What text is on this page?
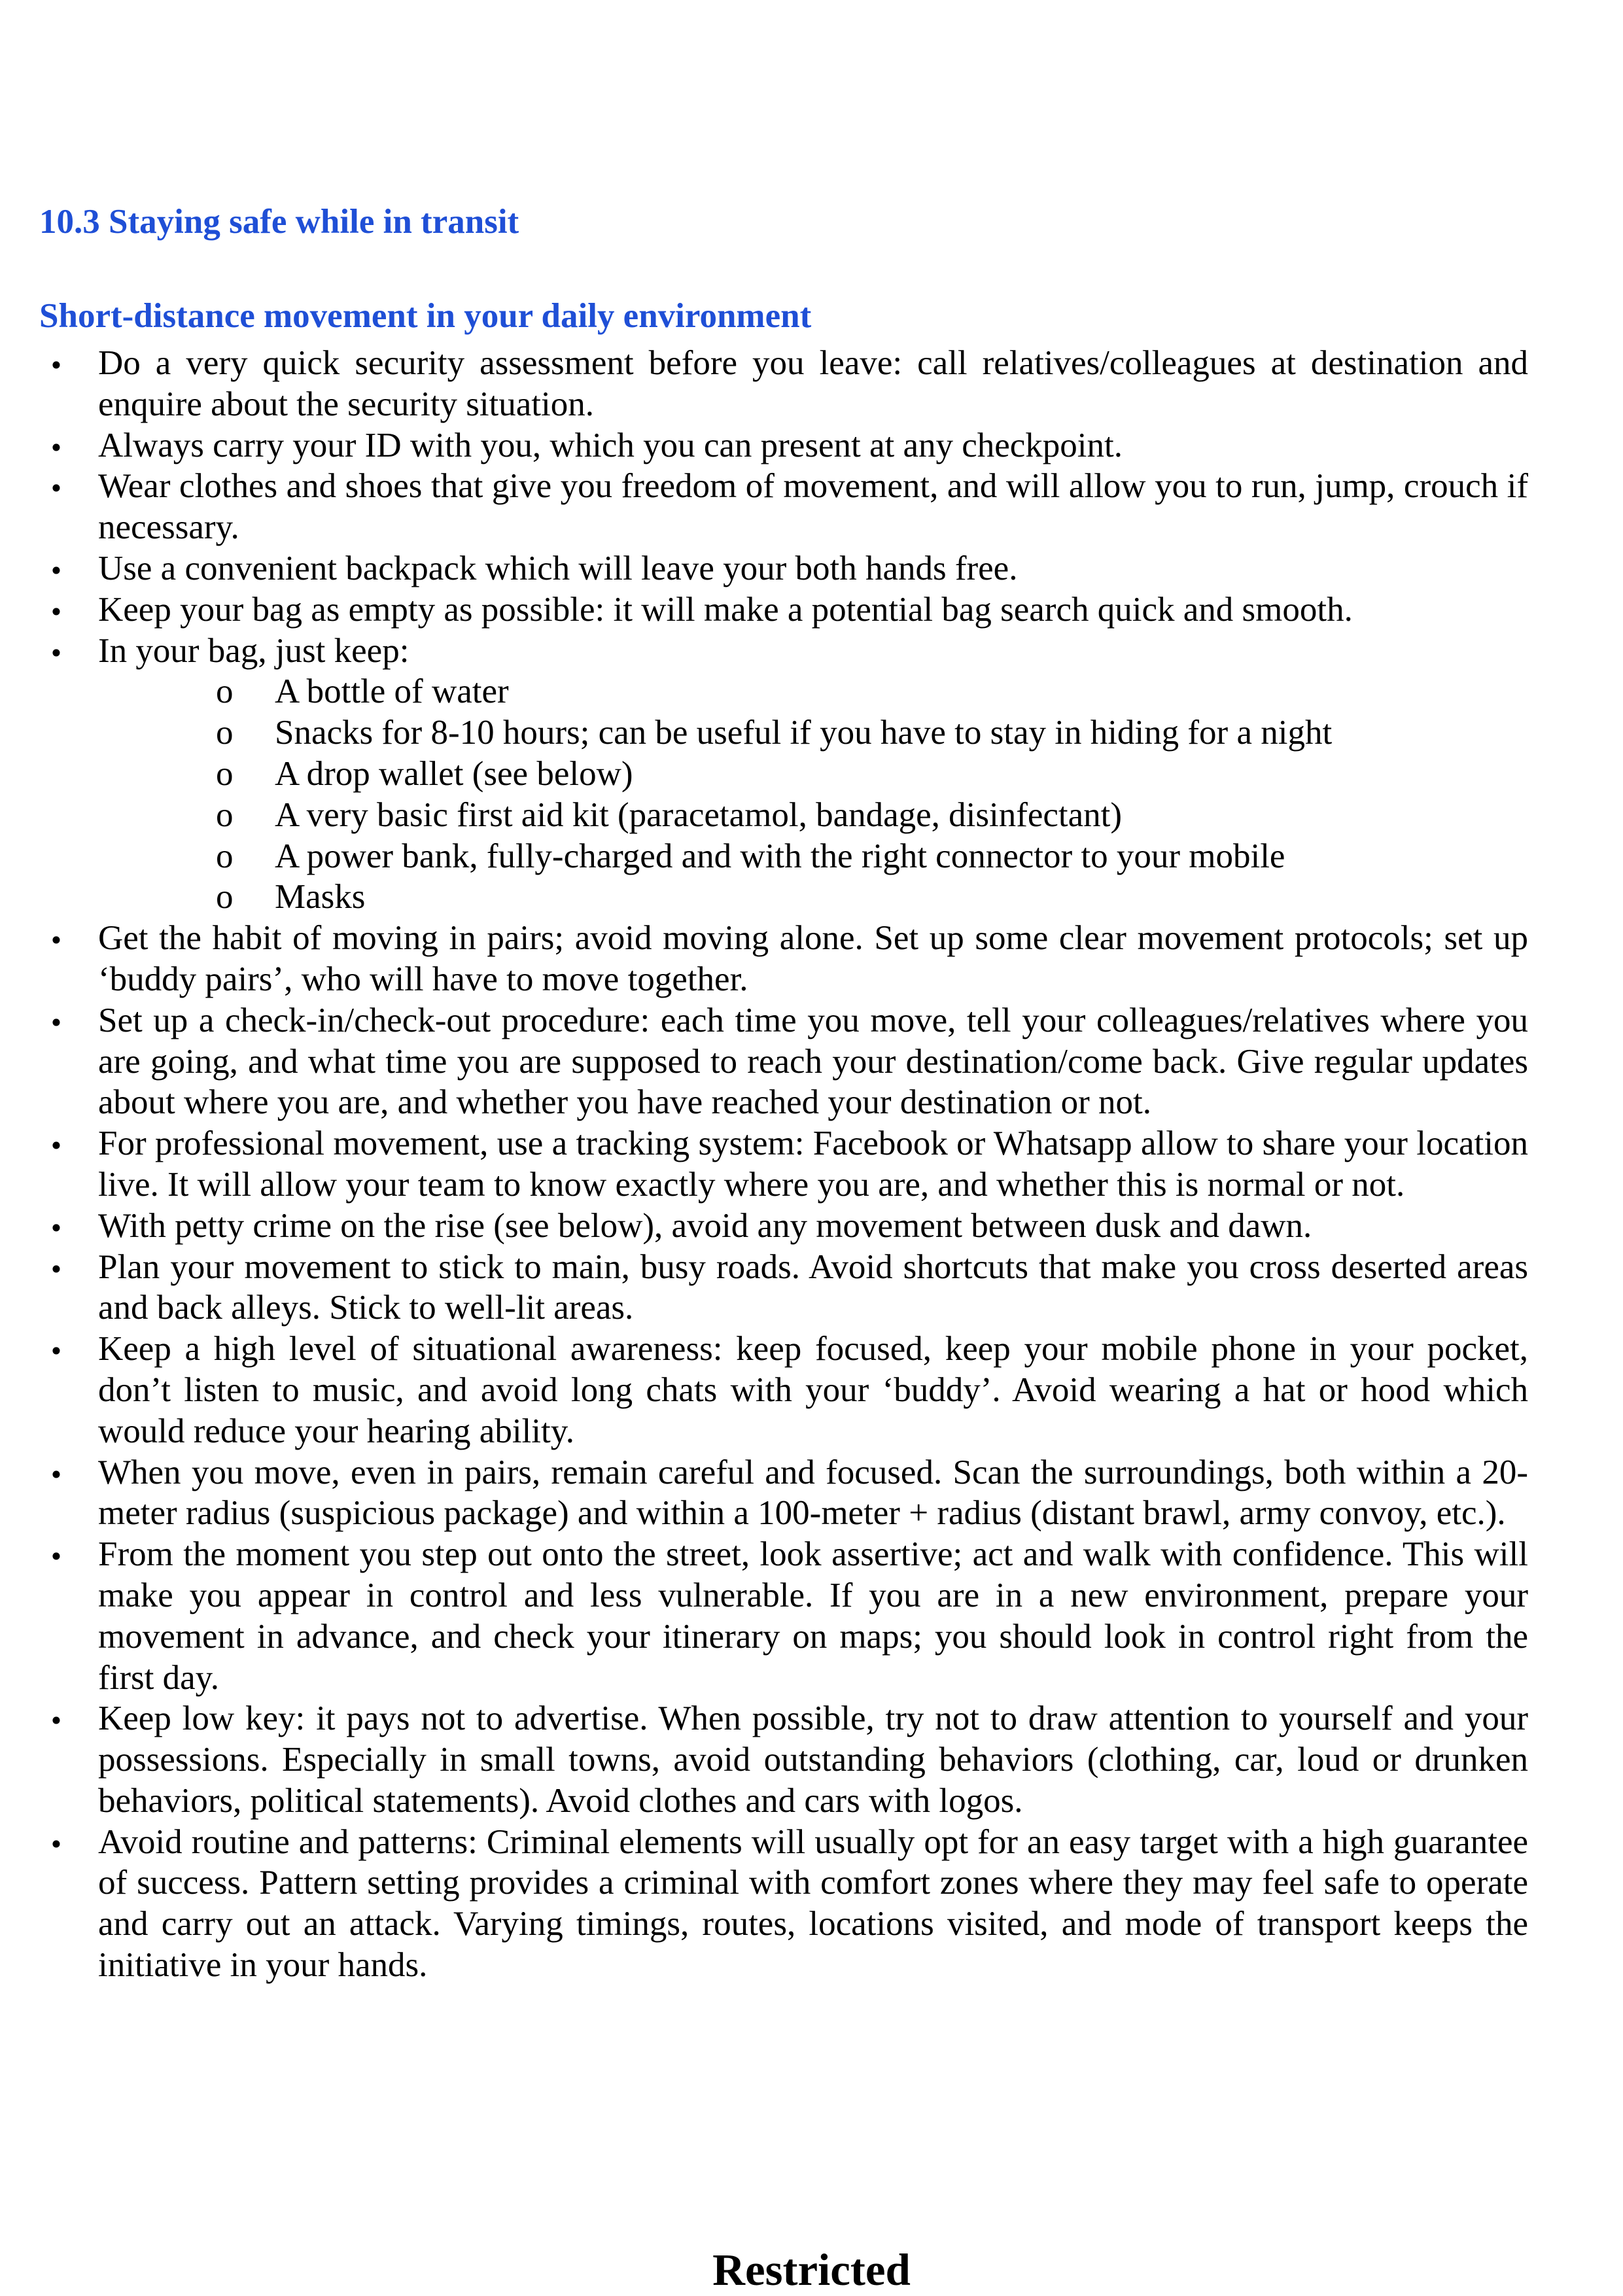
10.3 Staying safe while in transit
Short-distance movement in your daily environment
•
Do a very quick security assessment before you leave: call relatives/colleagues at destination and enquire about the security situation.
•
Always carry your ID with you, which you can present at any checkpoint.
•
Wear clothes and shoes that give you freedom of movement, and will allow you to run, jump, crouch if necessary.
•
Use a convenient backpack which will leave your both hands free.
•
Keep your bag as empty as possible: it will make a potential bag search quick and smooth.
•
In your bag, just keep:
o
A bottle of water
o
Snacks for 8-10 hours; can be useful if you have to stay in hiding for a night
o
A drop wallet (see below)
o
A very basic first aid kit (paracetamol, bandage, disinfectant)
o
A power bank, fully-charged and with the right connector to your mobile
o
Masks
•
Get the habit of moving in pairs; avoid moving alone. Set up some clear movement protocols; set up ‘buddy pairs’, who will have to move together.
•
Set up a check-in/check-out procedure: each time you move, tell your colleagues/relatives where you are going, and what time you are supposed to reach your destination/come back. Give regular updates about where you are, and whether you have reached your destination or not.
•
For professional movement, use a tracking system: Facebook or Whatsapp allow to share your location live. It will allow your team to know exactly where you are, and whether this is normal or not.
•
With petty crime on the rise (see below), avoid any movement between dusk and dawn.
•
Plan your movement to stick to main, busy roads. Avoid shortcuts that make you cross deserted areas and back alleys. Stick to well-lit areas.
•
Keep a high level of situational awareness: keep focused, keep your mobile phone in your pocket, don’t listen to music, and avoid long chats with your ‘buddy’. Avoid wearing a hat or hood which would reduce your hearing ability.
•
When you move, even in pairs, remain careful and focused. Scan the surroundings, both within a 20-meter radius (suspicious package) and within a 100-meter + radius (distant brawl, army convoy, etc.).
•
From the moment you step out onto the street, look assertive; act and walk with confidence. This will make you appear in control and less vulnerable. If you are in a new environment, prepare your movement in advance, and check your itinerary on maps; you should look in control right from the first day.
•
Keep low key: it pays not to advertise. When possible, try not to draw attention to yourself and your possessions. Especially in small towns, avoid outstanding behaviors (clothing, car, loud or drunken behaviors, political statements). Avoid clothes and cars with logos.
•
Avoid routine and patterns: Criminal elements will usually opt for an easy target with a high guarantee of success. Pattern setting provides a criminal with comfort zones where they may feel safe to operate and carry out an attack. Varying timings, routes, locations visited, and mode of transport keeps the initiative in your hands.
Restricted
